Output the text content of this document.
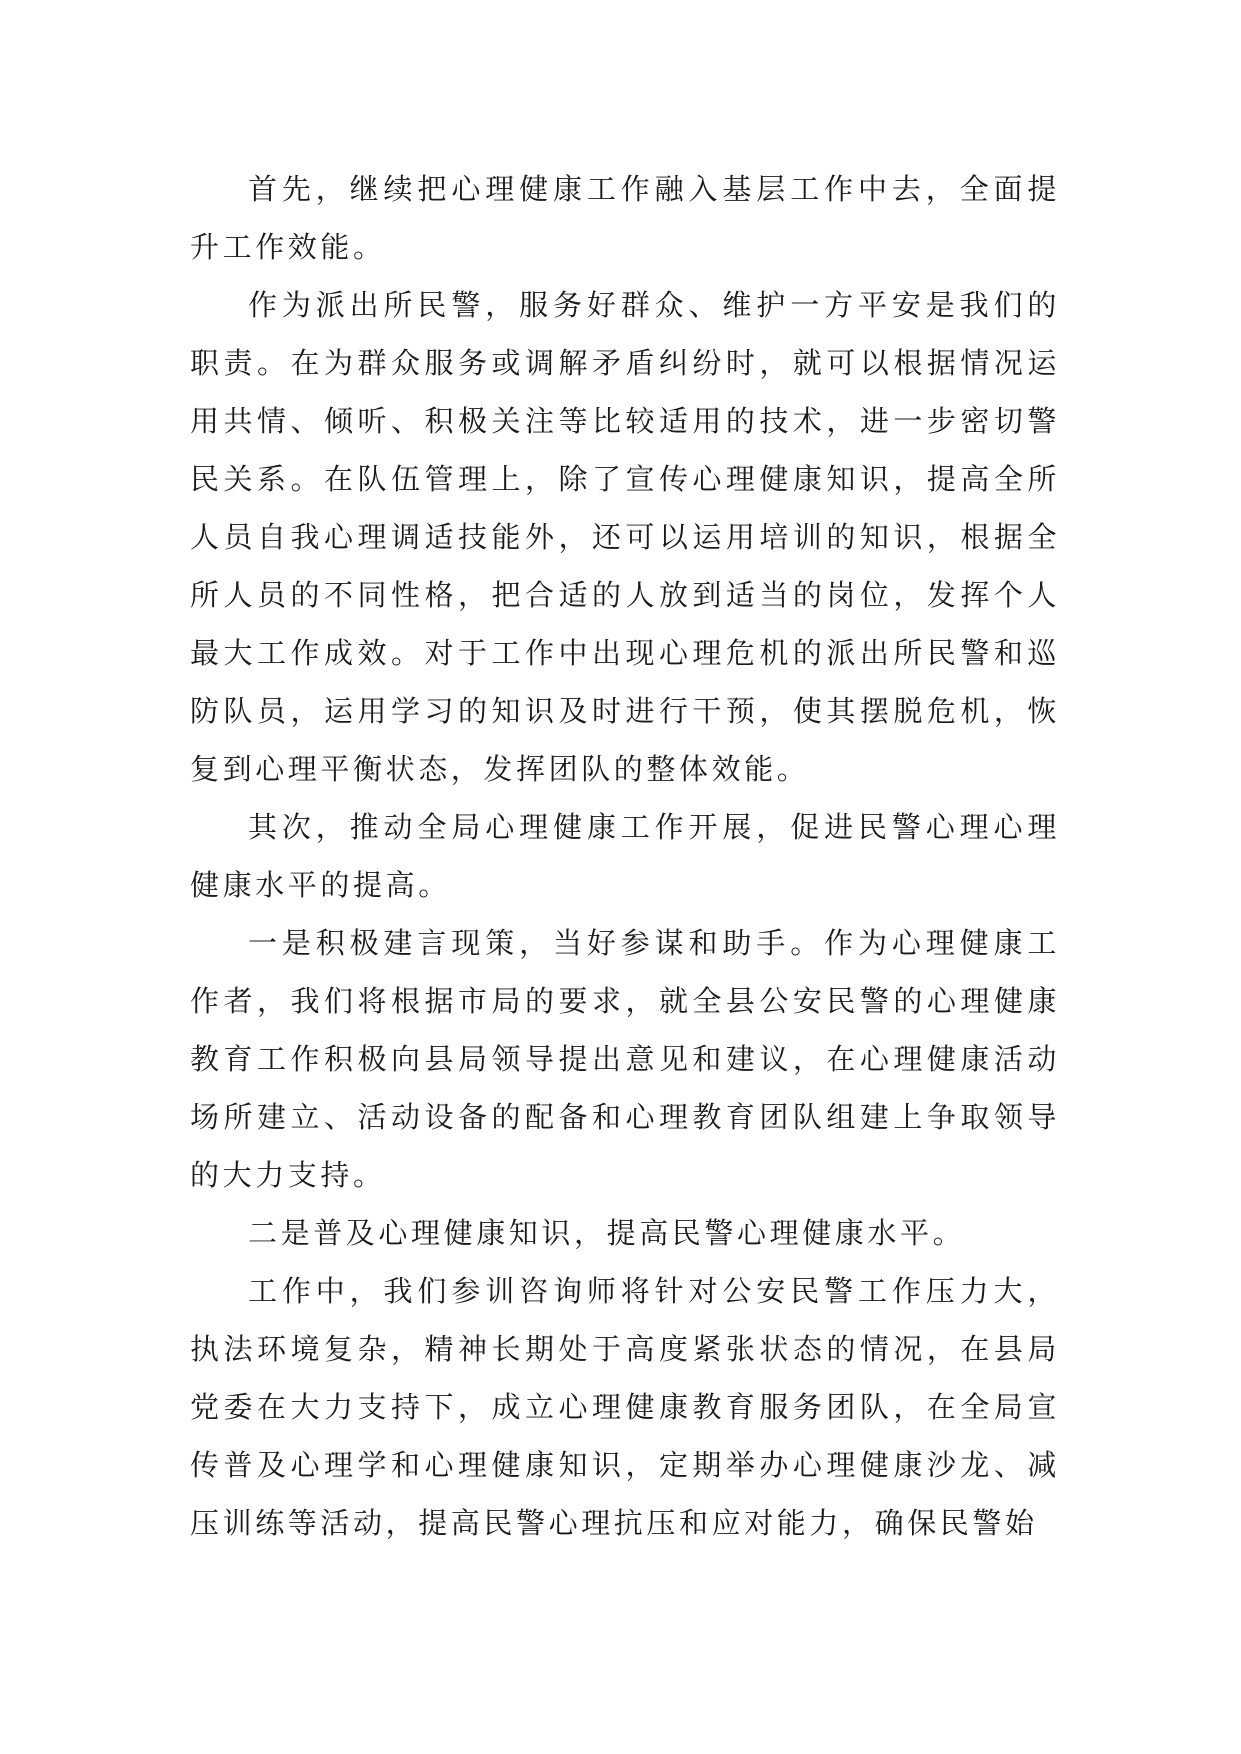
首先，继续把心理健康工作融入基层工作中去，全面提升工作效能。

作为派出所民警，服务好群众、维护一方平安是我们的职责。在为群众服务或调解矛盾纠纷时，就可以根据情况运用共情、倾听、积极关注等比较适用的技术，进一步密切警民关系。在队伍管理上，除了宣传心理健康知识，提高全所人员自我心理调适技能外，还可以运用培训的知识，根据全所人员的不同性格，把合适的人放到适当的岗位，发挥个人最大工作成效。对于工作中出现心理危机的派出所民警和巡防队员，运用学习的知识及时进行干预，使其摆脱危机，恢复到心理平衡状态，发挥团队的整体效能。

其次，推动全局心理健康工作开展，促进民警心理心理健康水平的提高。

一是积极建言现策，当好参谋和助手。作为心理健康工作者，我们将根据市局的要求，就全县公安民警的心理健康教育工作积极向县局领导提出意见和建议，在心理健康活动场所建立、活动设备的配备和心理教育团队组建上争取领导的大力支持。

二是普及心理健康知识，提高民警心理健康水平。

工作中，我们参训咨询师将针对公安民警工作压力大，执法环境复杂，精神长期处于高度紧张状态的情况，在县局党委在大力支持下，成立心理健康教育服务团队，在全局宣传普及心理学和心理健康知识，定期举办心理健康沙龙、减压训练等活动，提高民警心理抗压和应对能力，确保民警始
